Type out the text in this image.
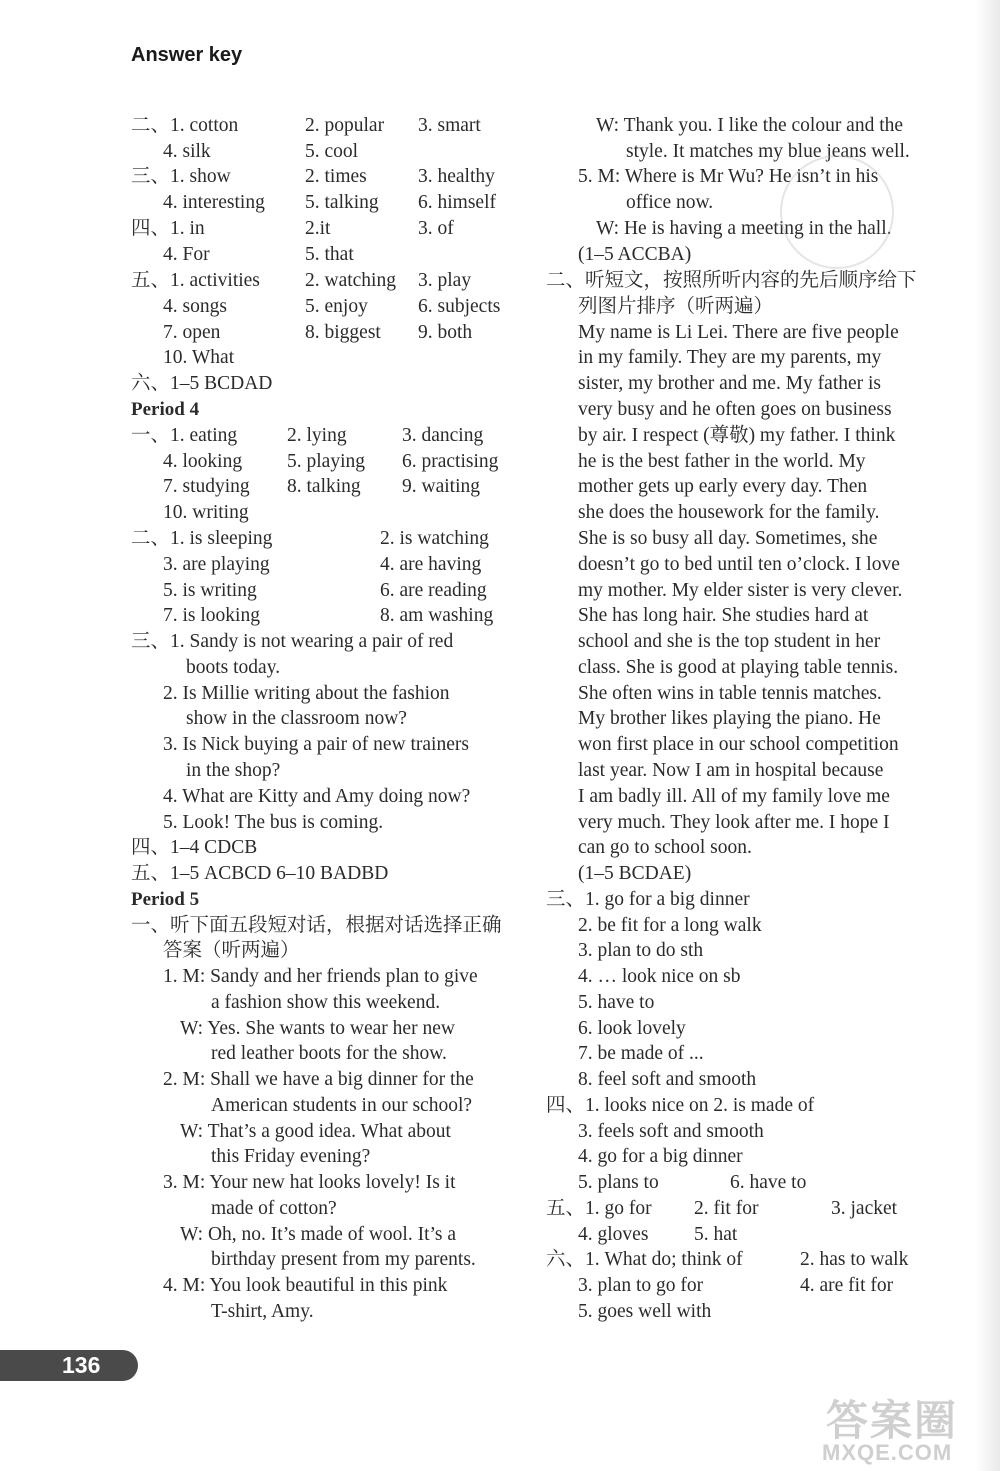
Answer key
二、1. cotton	2. popular 3. smart
4. silk	5. cool
三、1. show	2. times	3. healthy
4. interesting 5. talking 6. himself
四、1. in	2.it	3. of
4. For	5. that
五、1. activities 2. watching 3. play
4. songs	5. enjoy	6. subjects
7. open	8. biggest 9. both
10. What
六、1–5 BCDAD
Period 4
一、1. eating	2. lying	3. dancing
4. looking 5. playing 6. practising
7. studying 8. talking 9. waiting
10. writing
二、1. is sleeping	2. is watching
3. are playing	4. are having
5. is writing	6. are reading
7. is looking	8. am washing
三、1. Sandy is not wearing a pair of red
boots today.
2. Is Millie writing about the fashion
show in the classroom now?
3. Is Nick buying a pair of new trainers
in the shop?
4. What are Kitty and Amy doing now?
5. Look! The bus is coming.
四、1–4 CDCB
五、1–5 ACBCD 6–10 BADBD
Period 5
一、听下面五段短对话，根据对话选择正确
答案（听两遍）
1. M: Sandy and her friends plan to give
a fashion show this weekend.
W: Yes. She wants to wear her new
red leather boots for the show.
2. M: Shall we have a big dinner for the
American students in our school?
W: That’s a good idea. What about
this Friday evening?
3. M: Your new hat looks lovely! Is it
made of cotton?
W: Oh, no. It’s made of wool. It’s a
birthday present from my parents.
4. M: You look beautiful in this pink
T-shirt, Amy.
W: Thank you. I like the colour and the
style. It matches my blue jeans well.
5. M: Where is Mr Wu? He isn’t in his
office now.
W: He is having a meeting in the hall.
(1–5 ACCBA)
二、听短文，按照所听内容的先后顺序给下
列图片排序（听两遍）
My name is Li Lei. There are five people
in my family. They are my parents, my
sister, my brother and me. My father is
very busy and he often goes on business
by air. I respect (尊敬) my father. I think
he is the best father in the world. My
mother gets up early every day. Then
she does the housework for the family.
She is so busy all day. Sometimes, she
doesn’t go to bed until ten o’clock. I love
my mother. My elder sister is very clever.
She has long hair. She studies hard at
school and she is the top student in her
class. She is good at playing table tennis.
She often wins in table tennis matches.
My brother likes playing the piano. He
won first place in our school competition
last year. Now I am in hospital because
I am badly ill. All of my family love me
very much. They look after me. I hope I
can go to school soon.
(1–5 BCDAE)
三、1. go for a big dinner
2. be fit for a long walk
3. plan to do sth
4. … look nice on sb
5. have to
6. look lovely
7. be made of ...
8. feel soft and smooth
四、1. looks nice on 2. is made of
3. feels soft and smooth
4. go for a big dinner
5. plans to	6. have to
五、1. go for 2. fit for	3. jacket
4. gloves 5. hat
六、1. What do; think of	2. has to walk
3. plan to go for	4. are fit for
5. goes well with
136
答案圈
MXQE.COM
